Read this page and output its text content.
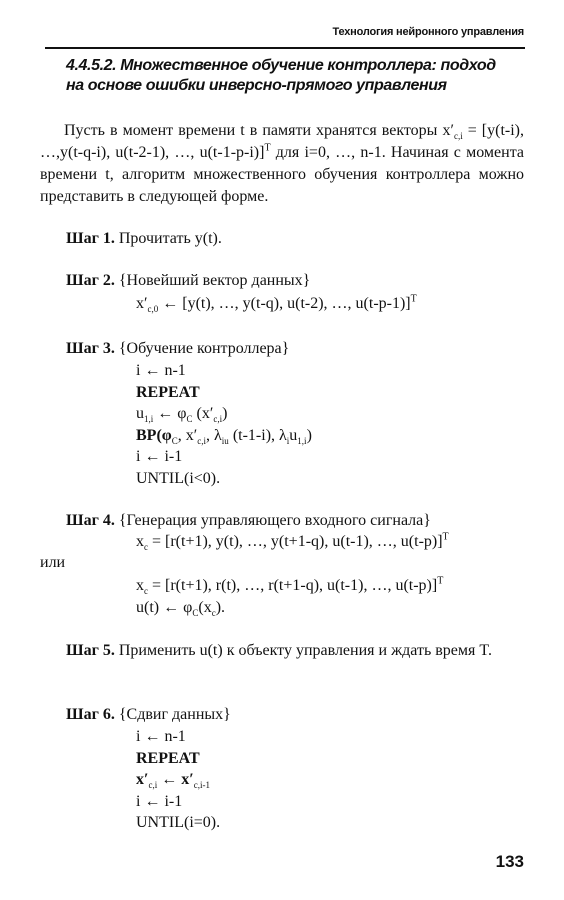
Технология нейронного управления
4.4.5.2. Множественное обучение контроллера: подход на основе ошибки инверсно-прямого управления

Пусть в момент времени t в памяти хранятся векторы $x'_{c,i} = [y(t-i)$, …,y(t-q-i), u(t-2-1), …, u(t-1-p-i)]$^T$ для i=0, …, n-1. Начиная с момента времени t, алгоритм множественного обучения контроллера можно представить в следующей форме.

Шаг 1. Прочитать y(t).
Шаг 2. {Новейший вектор данных}
$x'_{c,0}$ ← [y(t), …, y(t-q), u(t-2), …, u(t-p-1)]$^T$
Шаг 3. {Обучение контроллера}
i ← n-1
REPEAT
$u_{1,i}$ ← $\varphi_C$ $(x'_{c,i})$
$BP(\varphi_C$, $x'_{c,i}$, $\lambda_{iu}$ (t-1-i), $\lambda_iu_{1,i}$)
i ← i-1
UNTIL(i<0).
Шаг 4. {Генерация управляющего входного сигнала}
$x_c = [r(t+1)$, y(t), …, y(t+1-q), u(t-1), …, u(t-p)]$^T$
или
$x_c = [r(t+1)$, r(t), …, r(t+1-q), u(t-1), …, u(t-p)]$^T$
u(t) ← $\varphi_C(x_c)$.
Шаг 5. Применить u(t) к объекту управления и ждать время T.
Шаг 6. {Сдвиг данных}
i ← n-1
REPEAT
$x'_{c,i}$ ← $x'_{c,i-1}$
i ← i-1
UNTIL(i=0).
133
